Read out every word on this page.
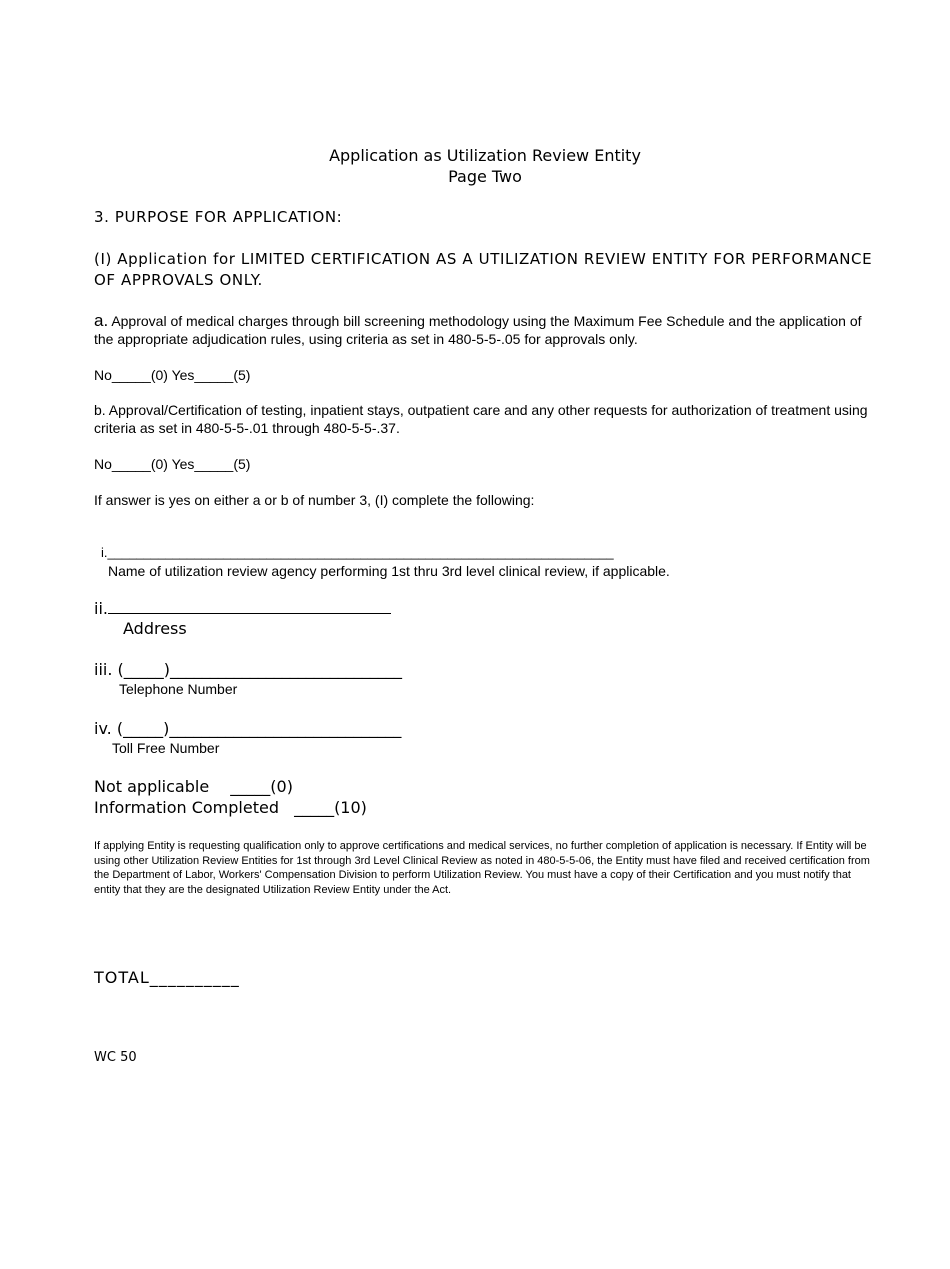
Application as Utilization Review Entity
Page Two
3. PURPOSE FOR APPLICATION:
(I) Application for LIMITED CERTIFICATION AS A UTILIZATION REVIEW ENTITY FOR PERFORMANCE OF APPROVALS ONLY.
a. Approval of medical charges through bill screening methodology using the Maximum Fee Schedule and the application of the appropriate adjudication rules, using criteria as set in 480-5-5-.05 for approvals only.
No_____(0) Yes_____(5)
b. Approval/Certification of testing, inpatient stays, outpatient care and any other requests for authorization of treatment using criteria as set in 480-5-5-.01 through 480-5-5-.37.
No_____(0) Yes_____(5)
If answer is yes on either a or b of number 3, (I) complete the following:
i.______________________________________________________________________
Name of utilization review agency performing 1st thru 3rd level clinical review, if applicable.
ii.
Address
iii. (_____)_____________________________
Telephone Number
iv. (_____)_____________________________
Toll Free Number
Not applicable _____(0)
Information Completed _____(10)
If applying Entity is requesting qualification only to approve certifications and medical services, no further completion of application is necessary. If Entity will be using other Utilization Review Entities for 1st through 3rd Level Clinical Review as noted in 480-5-5-06, the Entity must have filed and received certification from the Department of Labor, Workers' Compensation Division to perform Utilization Review. You must have a copy of their Certification and you must notify that entity that they are the designated Utilization Review Entity under the Act.
TOTAL__________
WC 50
